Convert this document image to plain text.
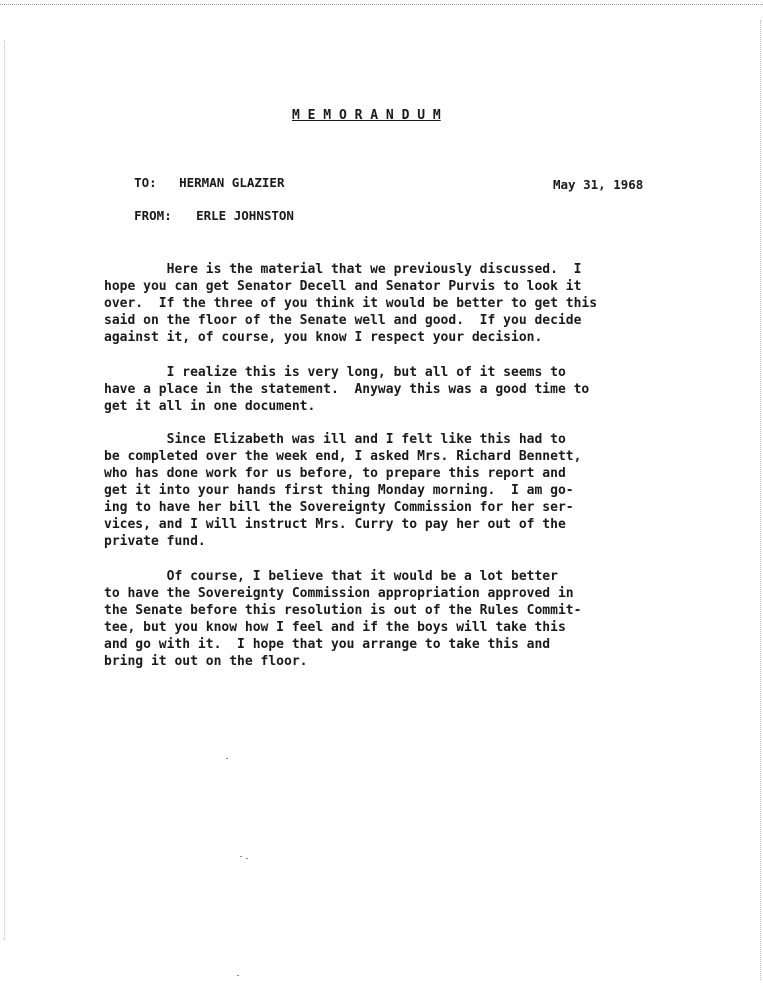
M E M O R A N D U M

TO: HERMAN GLAZIER
	May 31, 1968

FROM: ERLE JOHNSTON

Here is the material that we previously discussed.  I
hope you can get Senator Decell and Senator Purvis to look it
over.  If the three of you think it would be better to get this
said on the floor of the Senate well and good.  If you decide
against it, of course, you know I respect your decision.
I realize this is very long, but all of it seems to
have a place in the statement.  Anyway this was a good time to
get it all in one document.
Since Elizabeth was ill and I felt like this had to
be completed over the week end, I asked Mrs. Richard Bennett,
who has done work for us before, to prepare this report and
get it into your hands first thing Monday morning.  I am go-
ing to have her bill the Sovereignty Commission for her ser-
vices, and I will instruct Mrs. Curry to pay her out of the
private fund.
Of course, I believe that it would be a lot better
to have the Sovereignty Commission appropriation approved in
the Senate before this resolution is out of the Rules Commit-
tee, but you know how I feel and if the boys will take this
and go with it.  I hope that you arrange to take this and
bring it out on the floor.
